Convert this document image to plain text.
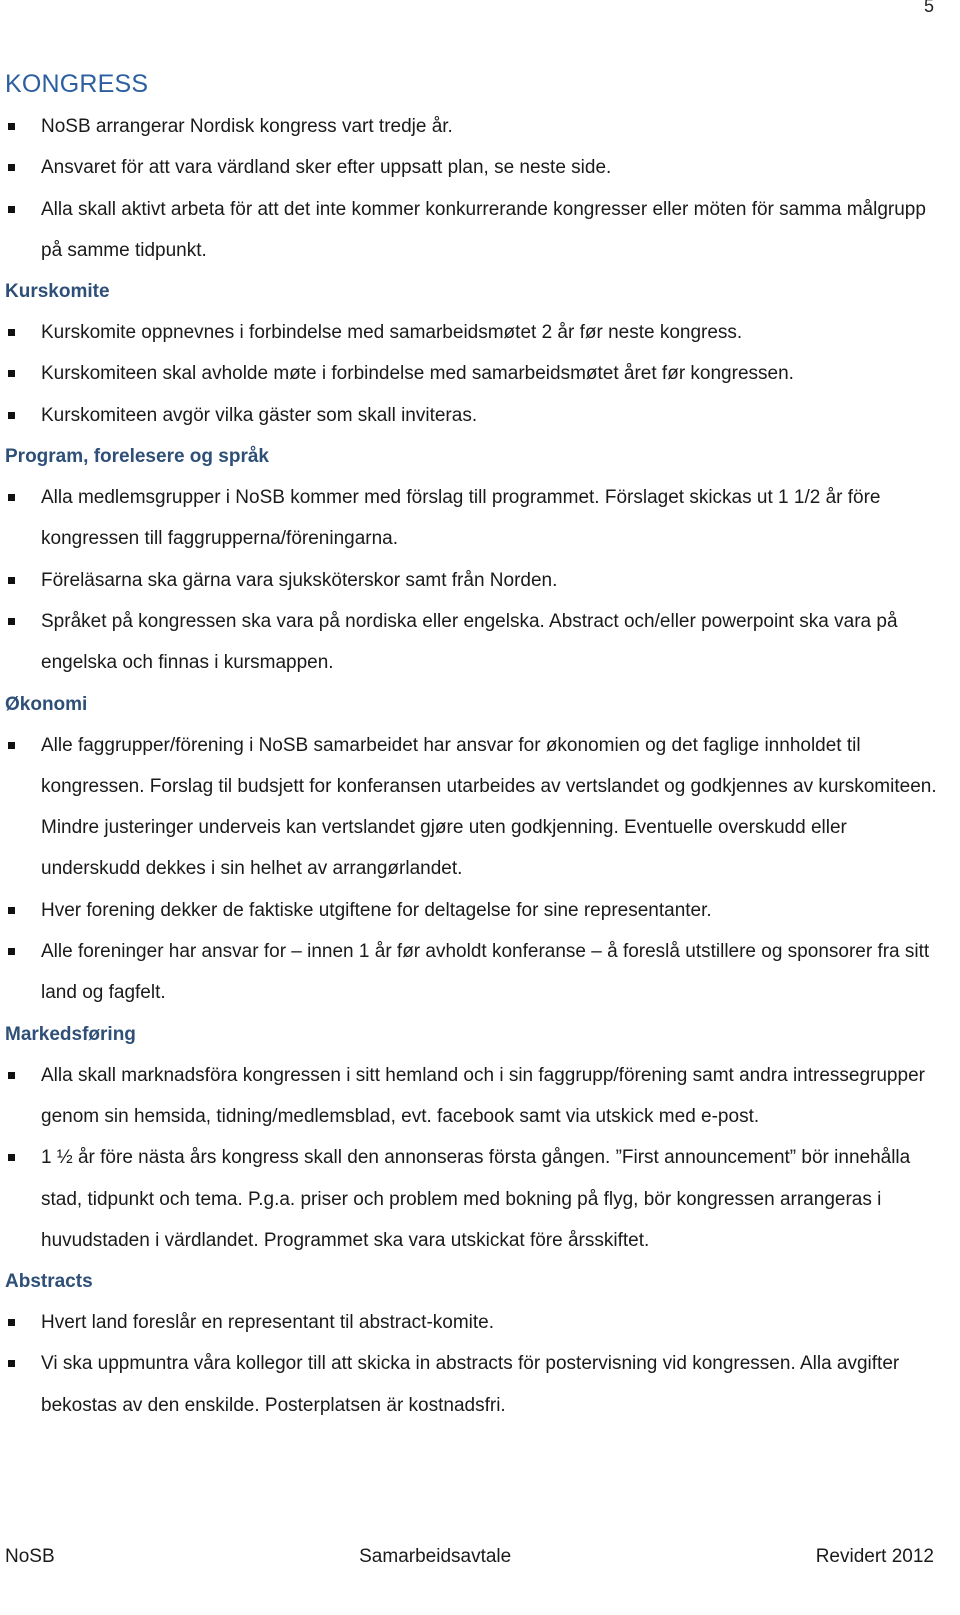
5
KONGRESS
NoSB arrangerar Nordisk kongress vart tredje år.
Ansvaret för att vara värdland sker efter uppsatt plan, se neste side.
Alla skall aktivt arbeta för att det inte kommer konkurrerande kongresser eller möten för samma målgrupp på samme tidpunkt.
Kurskomite
Kurskomite oppnevnes i forbindelse med samarbeidsmøtet 2 år før neste kongress.
Kurskomiteen skal avholde møte i forbindelse med samarbeidsmøtet året før kongressen.
Kurskomiteen avgör vilka gäster som skall inviteras.
Program, forelesere og språk
Alla medlemsgrupper i NoSB kommer med förslag till programmet. Förslaget skickas ut 1 1/2 år före kongressen till faggrupperna/föreningarna.
Föreläsarna ska gärna vara sjuksköterskor samt från Norden.
Språket på kongressen ska vara på nordiska eller engelska. Abstract och/eller powerpoint ska vara på engelska och finnas i kursmappen.
Økonomi
Alle faggrupper/förening i NoSB samarbeidet har ansvar for økonomien og det faglige innholdet til kongressen. Forslag til budsjett for konferansen utarbeides av vertslandet og godkjennes av kurskomiteen. Mindre justeringer underveis kan vertslandet gjøre uten godkjenning. Eventuelle overskudd eller underskudd dekkes i sin helhet av arrangørlandet.
Hver forening dekker de faktiske utgiftene for deltagelse for sine representanter.
Alle foreninger har ansvar for – innen 1 år før avholdt konferanse – å foreslå utstillere og sponsorer fra sitt land og fagfelt.
Markedsføring
Alla skall marknadsföra kongressen i sitt hemland och i sin faggrupp/förening samt andra intressegrupper genom sin hemsida, tidning/medlemsblad, evt. facebook samt via utskick med e-post.
1 ½ år före nästa års kongress skall den annonseras första gången. ”First announcement” bör innehålla stad, tidpunkt och tema. P.g.a. priser och problem med bokning på flyg, bör kongressen arrangeras i huvudstaden i värdlandet. Programmet ska vara utskickat före årsskiftet.
Abstracts
Hvert land foreslår en representant til abstract-komite.
Vi ska uppmuntra våra kollegor till att skicka in abstracts för postervisning vid kongressen. Alla avgifter bekostas av den enskilde. Posterplatsen är kostnadsfri.
NoSB	Samarbeidsavtale	Revidert 2012
